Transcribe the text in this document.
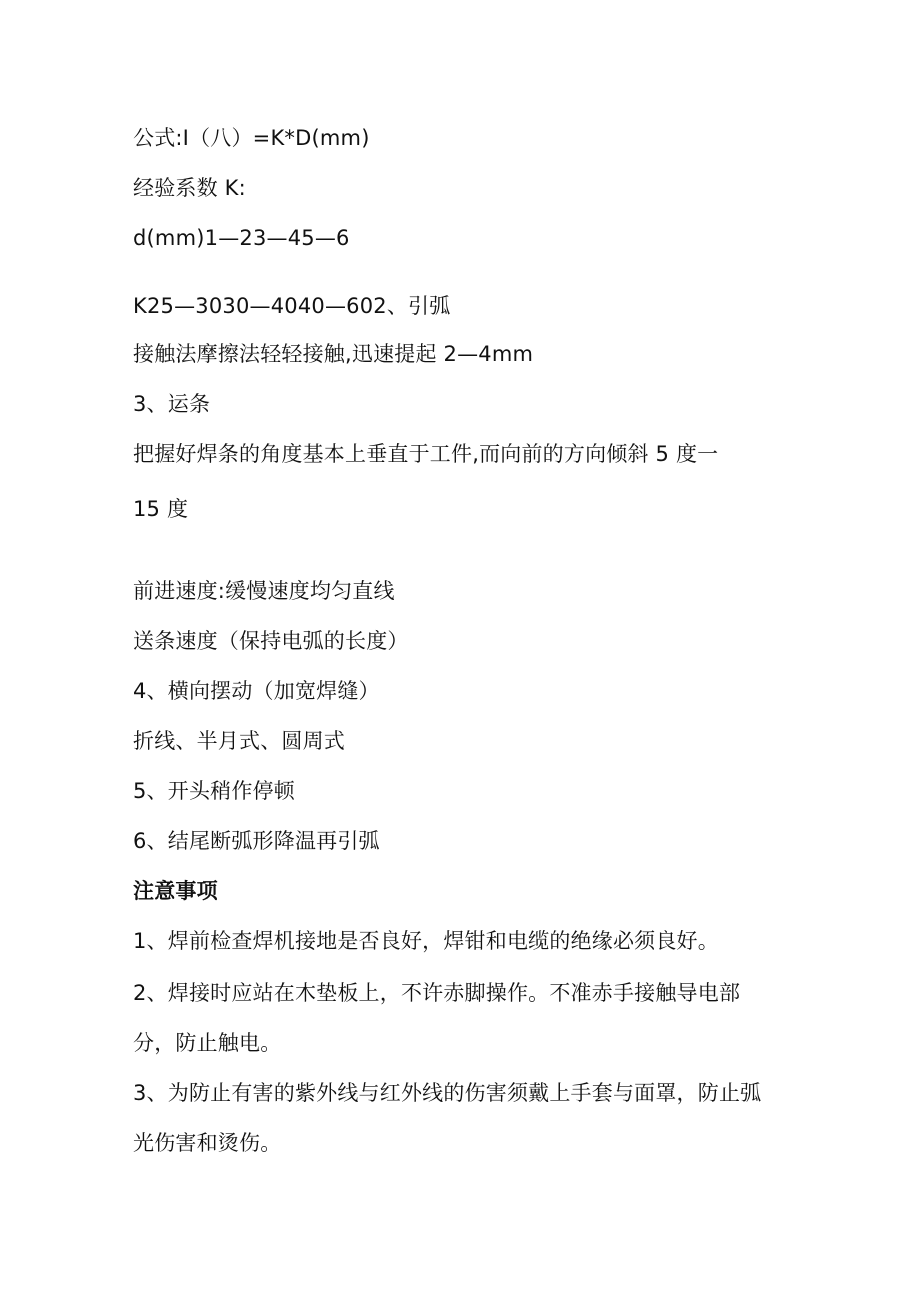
公式:I（八）=K*D(mm)
经验系数 K:
d(mm)1—23—45—6
K25—3030—4040—602、引弧
接触法摩擦法轻轻接触,迅速提起 2—4mm
3、运条
把握好焊条的角度基本上垂直于工件,而向前的方向倾斜 5 度一
15 度
前进速度:缓慢速度均匀直线
送条速度（保持电弧的长度）
4、横向摆动（加宽焊缝）
折线、半月式、圆周式
5、开头稍作停顿
6、结尾断弧形降温再引弧
注意事项
1、焊前检查焊机接地是否良好，焊钳和电缆的绝缘必须良好。
2、焊接时应站在木垫板上，不许赤脚操作。不准赤手接触导电部
分，防止触电。
3、为防止有害的紫外线与红外线的伤害须戴上手套与面罩，防止弧
光伤害和烫伤。
